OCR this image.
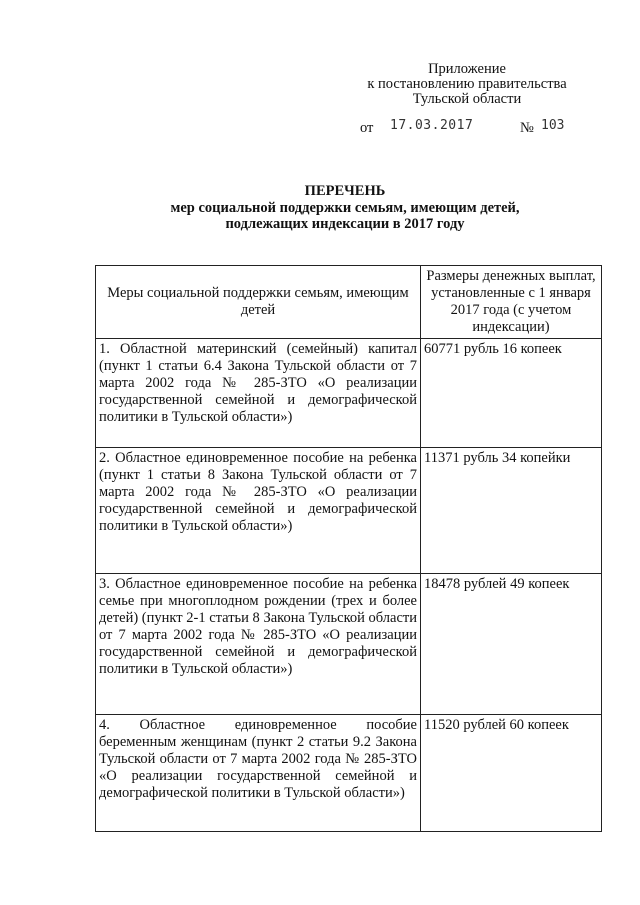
Приложение
к постановлению правительства
Тульской области
от 17.03.2017	№ 103
ПЕРЕЧЕНЬ
мер социальной поддержки семьям, имеющим детей,
подлежащих индексации в 2017 году
Меры социальной поддержки семьям, имеющим детей	Размеры денежных выплат, установленные с 1 января 2017 года (с учетом индексации)
1. Областной материнский (семейный) капитал (пункт 1 статьи 6.4 Закона Тульской области от 7 марта 2002 года № 285-ЗТО «О реализации государственной семейной и демографической политики в Тульской области»)	60771 рубль 16 копеек
2. Областное единовременное пособие на ребенка (пункт 1 статьи 8 Закона Тульской области от 7 марта 2002 года № 285-ЗТО «О реализации государственной семейной и демографической политики в Тульской области»)	11371 рубль 34 копейки
3. Областное единовременное пособие на ребенка семье при многоплодном рождении (трех и более детей) (пункт 2-1 статьи 8 Закона Тульской области от 7 марта 2002 года № 285-ЗТО «О реализации государственной семейной и демографической политики в Тульской области»)	18478 рублей 49 копеек
4. Областное единовременное пособие беременным женщинам (пункт 2 статьи 9.2 Закона Тульской области от 7 марта 2002 года № 285-ЗТО «О реализации государственной семейной и демографической политики в Тульской области»)	11520 рублей 60 копеек
